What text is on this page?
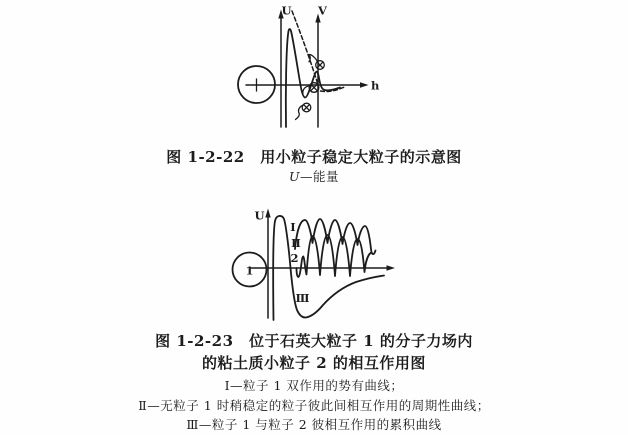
h
U V
图 1-2-22　用小粒子稳定大粒子的示意图
U—能量
1
U
Ⅰ
Ⅱ
2
Ⅲ
图 1-2-23　位于石英大粒子 1 的分子力场内
的粘土质小粒子 2 的相互作用图
Ⅰ—粒子 1 双作用的势有曲线；
Ⅱ—无粒子 1 时稍稳定的粒子彼此间相互作用的周期性曲线；
Ⅲ—粒子 1 与粒子 2 彼相互作用的累积曲线
